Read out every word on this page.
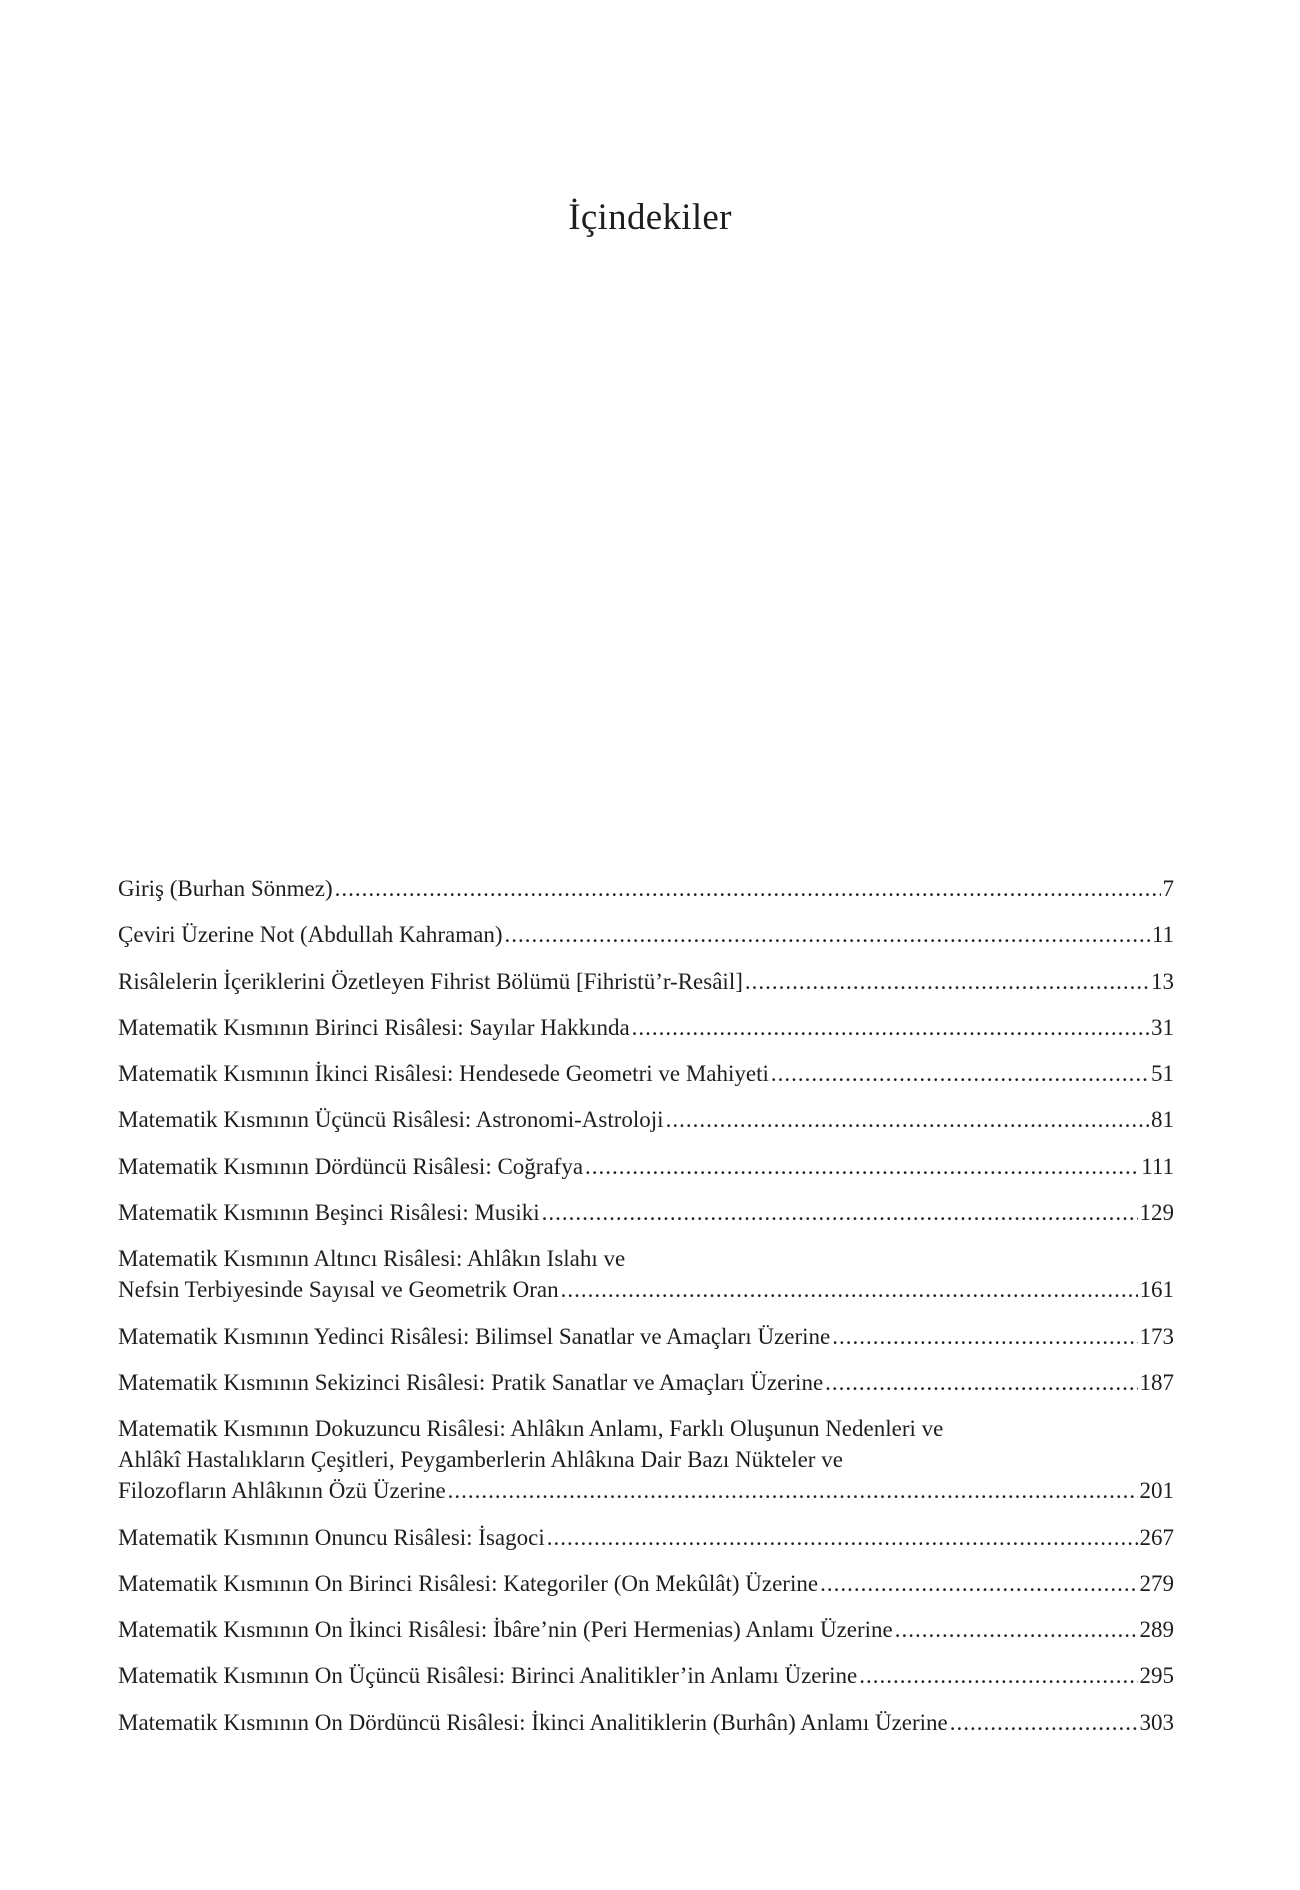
İçindekiler
Giriş (Burhan Sönmez) .....	7
Çeviri Üzerine Not (Abdullah Kahraman) .....	11
Risâlelerin İçeriklerini Özetleyen Fihrist Bölümü [Fihristü’r-Resâil] .....	13
Matematik Kısmının Birinci Risâlesi: Sayılar Hakkında .....	31
Matematik Kısmının İkinci Risâlesi: Hendesede Geometri ve Mahiyeti .....	51
Matematik Kısmının Üçüncü Risâlesi: Astronomi-Astroloji .....	81
Matematik Kısmının Dördüncü Risâlesi: Coğrafya .....	111
Matematik Kısmının Beşinci Risâlesi: Musiki .....	129
Matematik Kısmının Altıncı Risâlesi: Ahlâkın Islahı ve
Nefsin Terbiyesinde Sayısal ve Geometrik Oran .....	161
Matematik Kısmının Yedinci Risâlesi: Bilimsel Sanatlar ve Amaçları Üzerine .....	173
Matematik Kısmının Sekizinci Risâlesi: Pratik Sanatlar ve Amaçları Üzerine .....	187
Matematik Kısmının Dokuzuncu Risâlesi: Ahlâkın Anlamı, Farklı Oluşunun Nedenleri ve
Ahlâkî Hastalıkların Çeşitleri, Peygamberlerin Ahlâkına Dair Bazı Nükteler ve
Filozofların Ahlâkının Özü Üzerine .....	201
Matematik Kısmının Onuncu Risâlesi: İsagoci .....	267
Matematik Kısmının On Birinci Risâlesi: Kategoriler (On Mekûlât) Üzerine .....	279
Matematik Kısmının On İkinci Risâlesi: İbâre’nin (Peri Hermenias) Anlamı Üzerine .....	289
Matematik Kısmının On Üçüncü Risâlesi: Birinci Analitikler’in Anlamı Üzerine .....	295
Matematik Kısmının On Dördüncü Risâlesi: İkinci Analitiklerin (Burhân) Anlamı Üzerine .....	303
